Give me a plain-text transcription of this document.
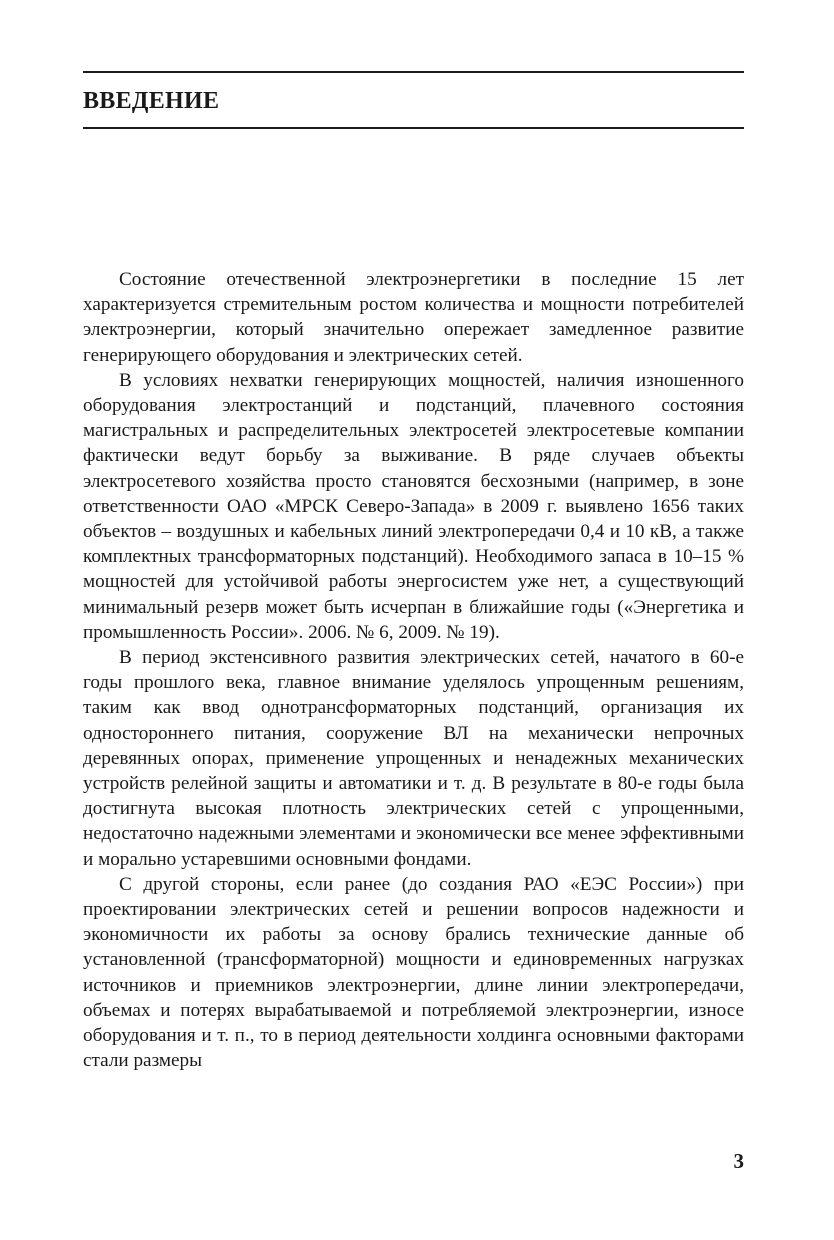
ВВЕДЕНИЕ

Состояние отечественной электроэнергетики в последние 15 лет характеризуется стремительным ростом количества и мощности потребителей электроэнергии, который значительно опережает замедленное развитие генерирующего оборудования и электрических сетей.

В условиях нехватки генерирующих мощностей, наличия изношенного оборудования электростанций и подстанций, плачевного состояния магистральных и распределительных электросетей электросетевые компании фактически ведут борьбу за выживание. В ряде случаев объекты электросетевого хозяйства просто становятся бесхозными (например, в зоне ответственности ОАО «МРСК Северо-Запада» в 2009 г. выявлено 1656 таких объектов – воздушных и кабельных линий электропередачи 0,4 и 10 кВ, а также комплектных трансформаторных подстанций). Необходимого запаса в 10–15 % мощностей для устойчивой работы энергосистем уже нет, а существующий минимальный резерв может быть исчерпан в ближайшие годы («Энергетика и промышленность России». 2006. № 6, 2009. № 19).

В период экстенсивного развития электрических сетей, начатого в 60-е годы прошлого века, главное внимание уделялось упрощенным решениям, таким как ввод однотрансформаторных подстанций, организация их одностороннего питания, сооружение ВЛ на механически непрочных деревянных опорах, применение упрощенных и ненадежных механических устройств релейной защиты и автоматики и т. д. В результате в 80-е годы была достигнута высокая плотность электрических сетей с упрощенными, недостаточно надежными элементами и экономически все менее эффективными и морально устаревшими основными фондами.

С другой стороны, если ранее (до создания РАО «ЕЭС России») при проектировании электрических сетей и решении вопросов надежности и экономичности их работы за основу брались технические данные об установленной (трансформаторной) мощности и единовременных нагрузках источников и приемников электроэнергии, длине линии электропередачи, объемах и потерях вырабатываемой и потребляемой электроэнергии, износе оборудования и т. п., то в период деятельности холдинга основными факторами стали размеры

3
